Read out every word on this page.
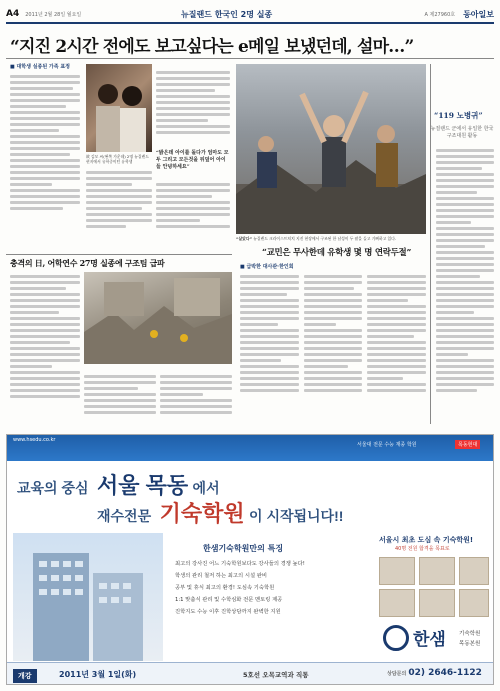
A4 2011년 2월 28일 월요일	뉴질랜드 한국인 2명 실종	A 제27960호 동아일보
“지진 2시간 전에도 보고싶다는 e메일 보냈던데, 설마…”
■ 대학생 실종된 가족 표정
故 김모 씨(왼쪽 가운데) 2명 뉴질랜드 현지에서 유학중이던 유학생
“밝은데 아이를 돌다가 엄마도 모두 그리고 모든것을 뒤덮어 아이들 안녕하세요”
“살았다” 뉴질랜드 크라이스트처치 지진 현장에서 구조된 한 남성이 두 팔을 들고 기뻐하고 있다.
“119 노병귀”
뉴질랜드 군에서 유일한 한국 구조대원 활동
“교민은 무사한데 유학생 몇 명 연락두절”
충격의 日, 어학연수 27명 실종에 구조팀 급파	■ 급박한 대사관·한인회
www.hsedu.co.kr
서울대 전문 수능 재종 학원	목동현대
교육의 중심 서울 목동 에서
재수전문 기숙학원 이 시작됩니다!!
한샘기숙학원만의 특징
최고의 강사진 어느 기숙학원보다도 강사들의 경쟁 높다!
학생의 관리 철저 하는 최고의 시설 완비
공부 및 휴식 최고의 환경! 도심속 기숙학원
1:1 맞춤식 관리 및 수학심화 전문 멘토링 제공
진학지도 수능 이후 진학상담까지 완벽한 지원
서울시 최초 도심 속 기숙학원!
40명 전원 합격을 목표로
한샘 기숙학원
목동본원
개강	2011년 3월 1일(화)	5호선 오목교역과 직통	상담문의 02) 2646-1122
